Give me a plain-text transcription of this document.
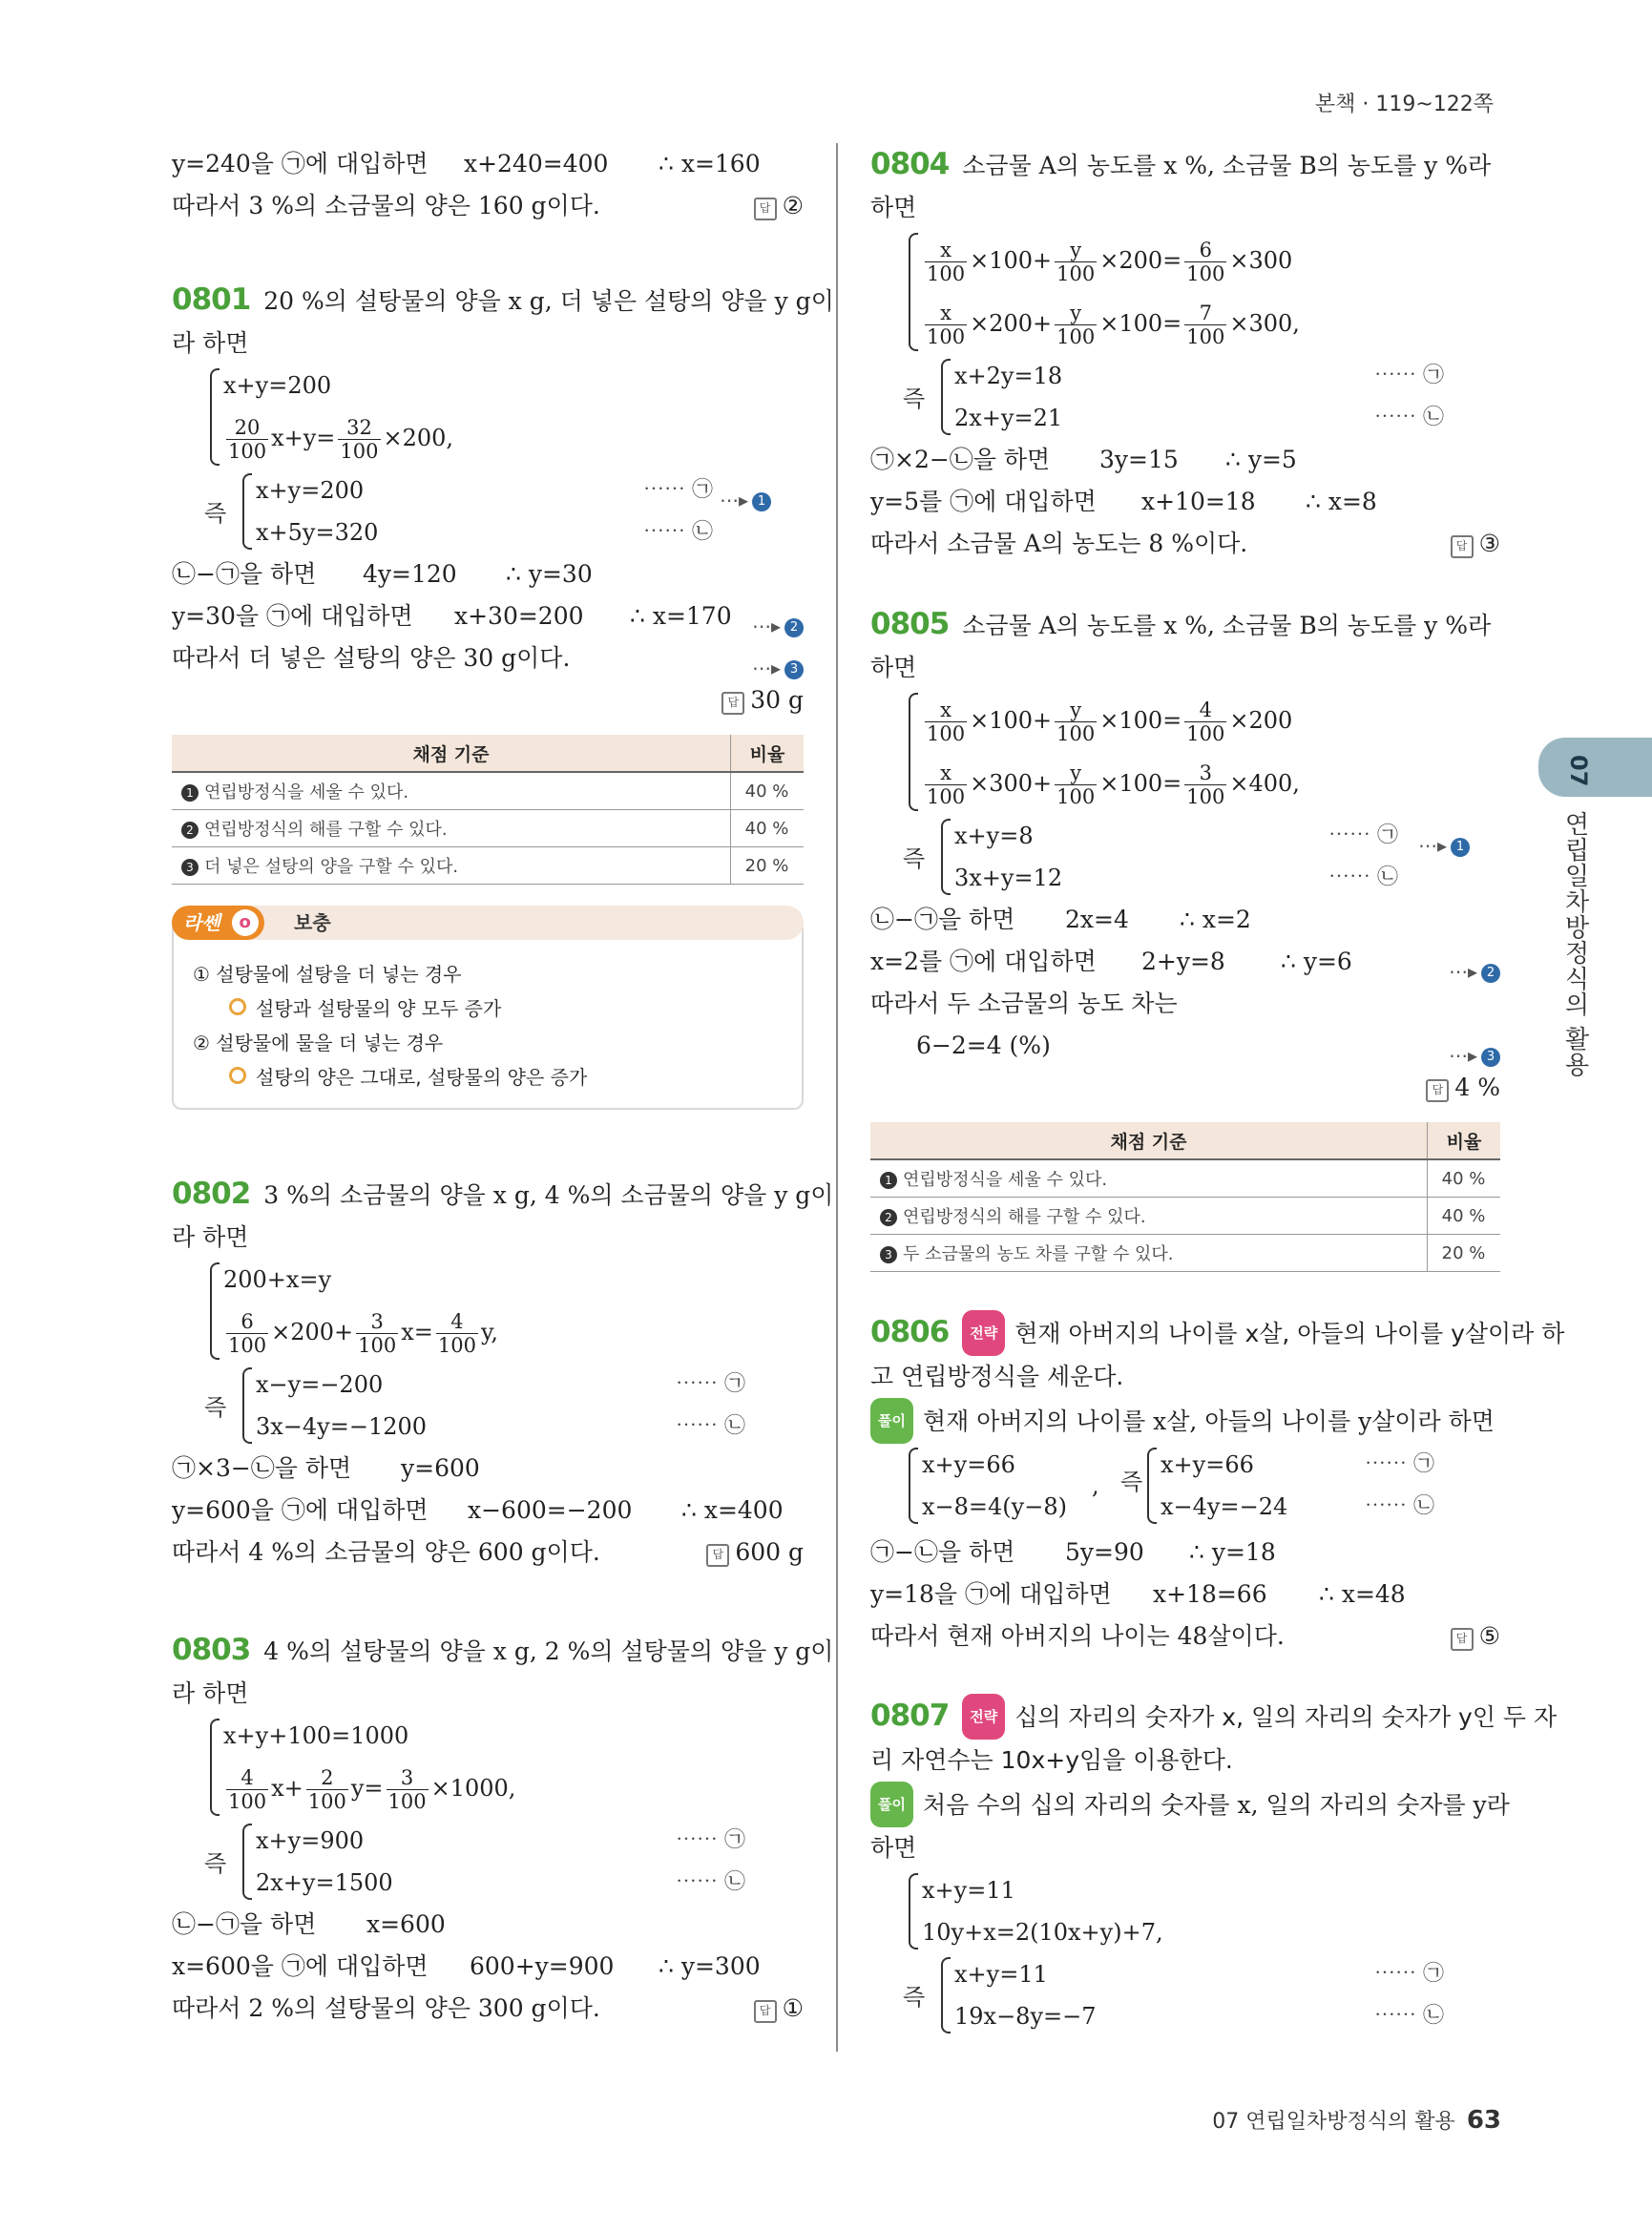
본책 · 119~122쪽
y=240을 ㉠에 대입하면 x+240=400 ∴ x=160
따라서 3 %의 소금물의 양은 160 g이다.	답 ②
0801 20 %의 설탕물의 양을 x g, 더 넣은 설탕의 양을 y g이
라 하면
x+y=200
$\frac{20}{100} x+y= \frac{32}{100} \times 200$,
즉
x+y=200	⋯⋯ ㉠ ⋯▸ 1
x+5y=320	⋯⋯ ㉡
㉡−㉠을 하면 4y=120 ∴ y=30
y=30을 ㉠에 대입하면 x+30=200 ∴ x=170 ⋯▸ 2
따라서 더 넣은 설탕의 양은 30 g이다.	⋯▸ 3
답 30 g
채점 기준	비율
1 연립방정식을 세울 수 있다.	40 %
2 연립방정식의 해를 구할 수 있다.	40 %
3 더 넣은 설탕의 양을 구할 수 있다.	20 %
라쎈	o	보충
① 설탕물에 설탕을 더 넣는 경우
설탕과 설탕물의 양 모두 증가
② 설탕물에 물을 더 넣는 경우
설탕의 양은 그대로, 설탕물의 양은 증가
0802 3 %의 소금물의 양을 x g, 4 %의 소금물의 양을 y g이
라 하면
200+x=y
$\frac{6}{100} \times 200+ \frac{3}{100} x= \frac{4}{100} y$,
즉
x−y=−200	⋯⋯ ㉠
3x−4y=−1200	⋯⋯ ㉡
㉠×3−㉡을 하면 y=600
y=600을 ㉠에 대입하면 x−600=−200 ∴ x=400
따라서 4 %의 소금물의 양은 600 g이다.	답 600 g
0803 4 %의 설탕물의 양을 x g, 2 %의 설탕물의 양을 y g이
라 하면
x+y+100=1000
$\frac{4}{100} x+ \frac{2}{100} y= \frac{3}{100} \times 1000$,
즉
x+y=900	⋯⋯ ㉠
2x+y=1500	⋯⋯ ㉡
㉡−㉠을 하면 x=600
x=600을 ㉠에 대입하면 600+y=900 ∴ y=300
따라서 2 %의 설탕물의 양은 300 g이다.	답 ①
0804 소금물 A의 농도를 x %, 소금물 B의 농도를 y %라
하면
$\frac{x}{100} \times 100+ \frac{y}{100} \times 200= \frac{6}{100} \times 300$
$\frac{x}{100} \times 200+ \frac{y}{100} \times 100= \frac{7}{100} \times 300$,
즉
x+2y=18	⋯⋯ ㉠
2x+y=21	⋯⋯ ㉡
㉠×2−㉡을 하면 3y=15 ∴ y=5
y=5를 ㉠에 대입하면 x+10=18 ∴ x=8
따라서 소금물 A의 농도는 8 %이다.	답 ③
0805 소금물 A의 농도를 x %, 소금물 B의 농도를 y %라
하면
$\frac{x}{100} \times 100+ \frac{y}{100} \times 100= \frac{4}{100} \times 200$
$\frac{x}{100} \times 300+ \frac{y}{100} \times 100= \frac{3}{100} \times 400$,
즉
x+y=8	⋯⋯ ㉠ ⋯▸ 1
3x+y=12	⋯⋯ ㉡
㉡−㉠을 하면 2x=4 ∴ x=2
x=2를 ㉠에 대입하면 2+y=8 ∴ y=6	⋯▸ 2
따라서 두 소금물의 농도 차는
6−2=4 (%)	⋯▸ 3
답 4 %
채점 기준	비율
1 연립방정식을 세울 수 있다.	40 %
2 연립방정식의 해를 구할 수 있다.	40 %
3 두 소금물의 농도 차를 구할 수 있다.	20 %
0806 전략 현재 아버지의 나이를 x살, 아들의 나이를 y살이라 하
고 연립방정식을 세운다.
풀이 현재 아버지의 나이를 x살, 아들의 나이를 y살이라 하면
x+y=66
x−8=4(y−8)
, 즉
x+y=66	⋯⋯ ㉠
x−4y=−24	⋯⋯ ㉡
㉠−㉡을 하면 5y=90 ∴ y=18
y=18을 ㉠에 대입하면 x+18=66 ∴ x=48
따라서 현재 아버지의 나이는 48살이다.	답 ⑤
0807 전략 십의 자리의 숫자가 x, 일의 자리의 숫자가 y인 두 자
리 자연수는 10x+y임을 이용한다.
풀이 처음 수의 십의 자리의 숫자를 x, 일의 자리의 숫자를 y라
하면
x+y=11
10y+x=2(10x+y)+7,
즉
x+y=11	⋯⋯ ㉠
19x−8y=−7	⋯⋯ ㉡
07
연립일차방정식의 활용
07 연립일차방정식의 활용 63
